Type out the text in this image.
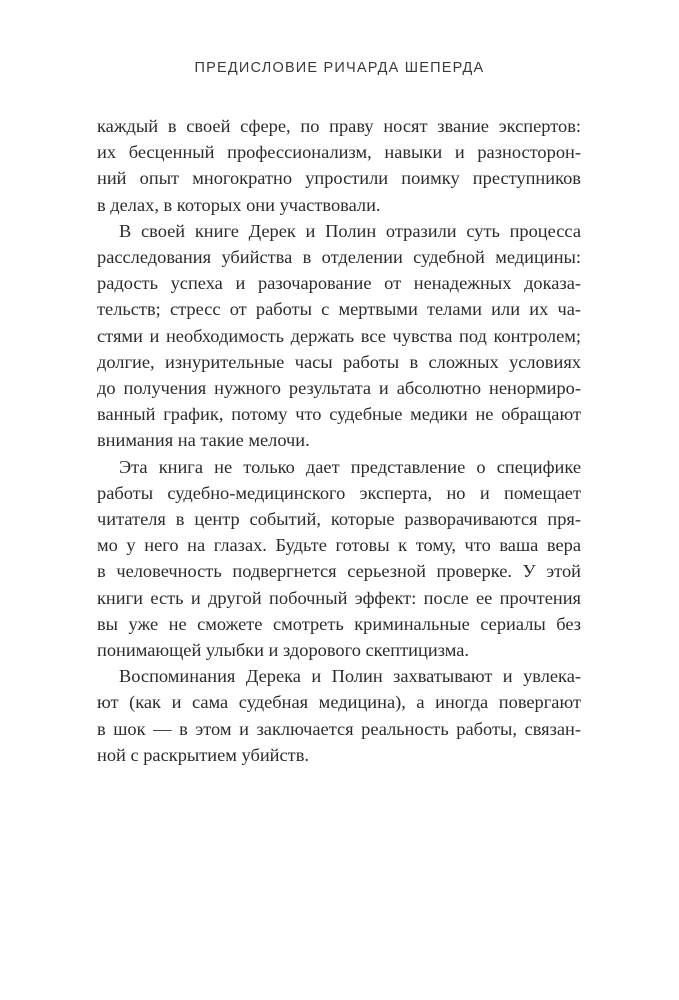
ПРЕДИСЛОВИЕ РИЧАРДА ШЕПЕРДА

каждый в своей сфере, по праву носят звание экспертов:
их бесценный профессионализм, навыки и разносторон-
ний опыт многократно упростили поимку преступников
в делах, в которых они участвовали.

В своей книге Дерек и Полин отразили суть процесса
расследования убийства в отделении судебной медицины:
радость успеха и разочарование от ненадежных доказа-
тельств; стресс от работы с мертвыми телами или их ча-
стями и необходимость держать все чувства под контролем;
долгие, изнурительные часы работы в сложных условиях
до получения нужного результата и абсолютно ненормиро-
ванный график, потому что судебные медики не обращают
внимания на такие мелочи.

Эта книга не только дает представление о специфике
работы судебно-медицинского эксперта, но и помещает
читателя в центр событий, которые разворачиваются пря-
мо у него на глазах. Будьте готовы к тому, что ваша вера
в человечность подвергнется серьезной проверке. У этой
книги есть и другой побочный эффект: после ее прочтения
вы уже не сможете смотреть криминальные сериалы без
понимающей улыбки и здорового скептицизма.

Воспоминания Дерека и Полин захватывают и увлека-
ют (как и сама судебная медицина), а иногда повергают
в шок — в этом и заключается реальность работы, связан-
ной с раскрытием убийств.
